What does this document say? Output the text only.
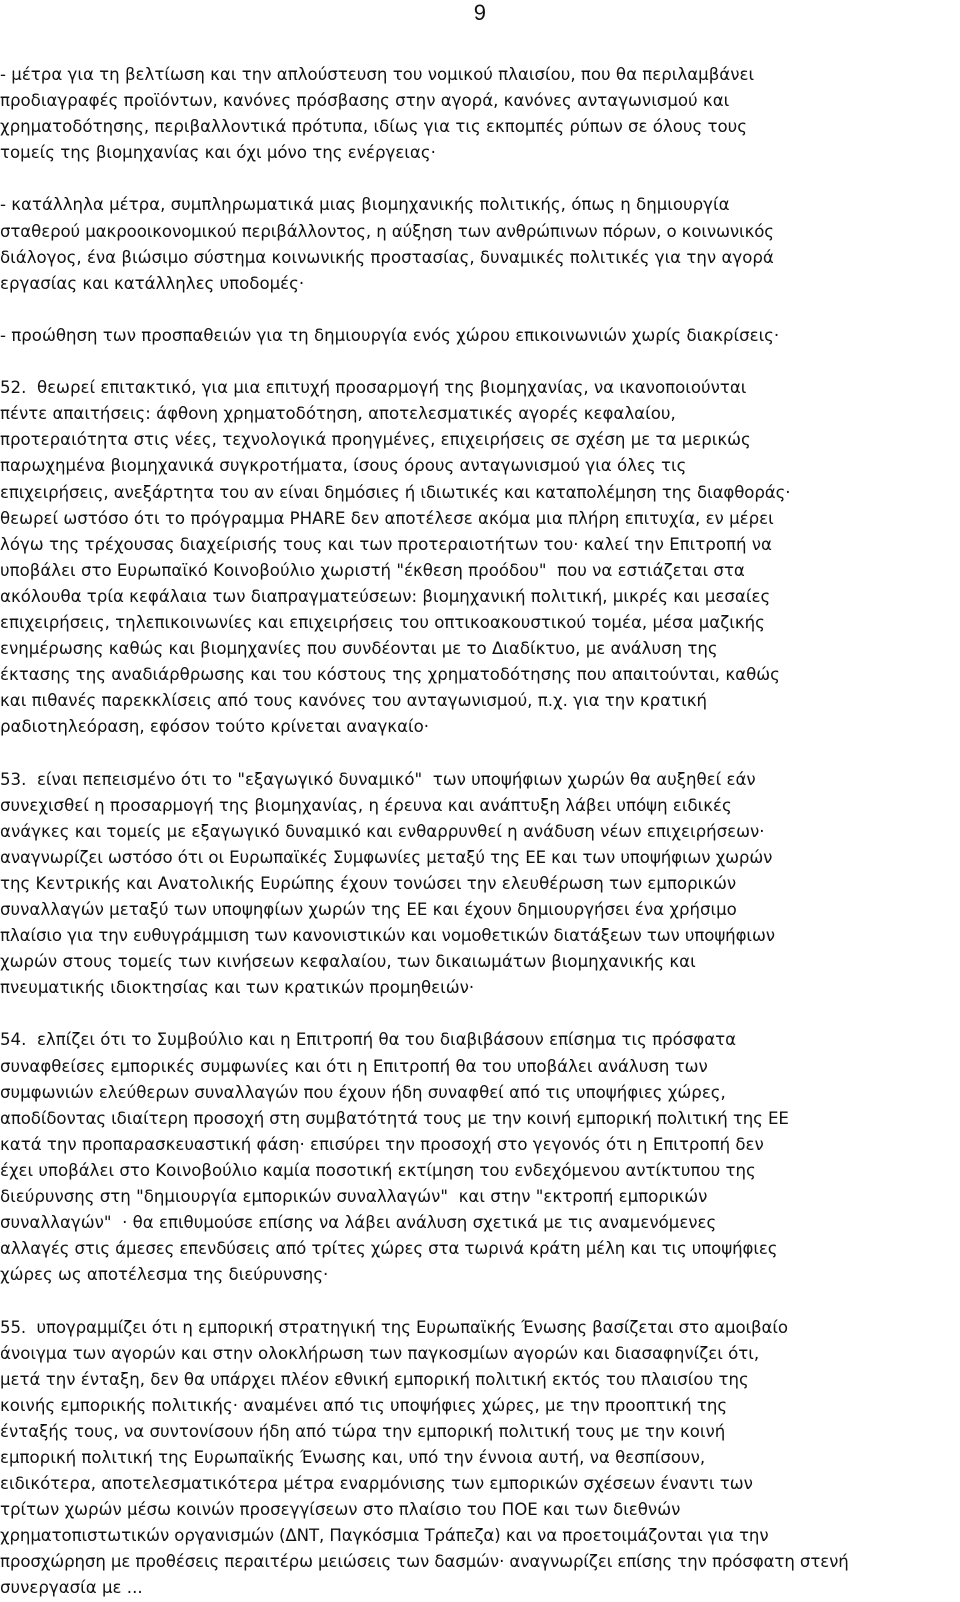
9
- μέτρα για τη βελτίωση και την απλούστευση του νομικού πλαισίου, που θα περιλαμβάνει
προδιαγραφές προϊόντων, κανόνες πρόσβασης στην αγορά, κανόνες ανταγωνισμού και
χρηματοδότησης, περιβαλλοντικά πρότυπα, ιδίως για τις εκπομπές ρύπων σε όλους τους
τομείς της βιομηχανίας και όχι μόνο της ενέργειας·
- κατάλληλα μέτρα, συμπληρωματικά μιας βιομηχανικής πολιτικής, όπως η δημιουργία
σταθερού μακροοικονομικού περιβάλλοντος, η αύξηση των ανθρώπινων πόρων, ο κοινωνικός
διάλογος, ένα βιώσιμο σύστημα κοινωνικής προστασίας, δυναμικές πολιτικές για την αγορά
εργασίας και κατάλληλες υποδομές·
- προώθηση των προσπαθειών για τη δημιουργία ενός χώρου επικοινωνιών χωρίς διακρίσεις·
52.  θεωρεί επιτακτικό, για μια επιτυχή προσαρμογή της βιομηχανίας, να ικανοποιούνται
πέντε απαιτήσεις: άφθονη χρηματοδότηση, αποτελεσματικές αγορές κεφαλαίου,
προτεραιότητα στις νέες, τεχνολογικά προηγμένες, επιχειρήσεις σε σχέση με τα μερικώς
παρωχημένα βιομηχανικά συγκροτήματα, ίσους όρους ανταγωνισμού για όλες τις
επιχειρήσεις, ανεξάρτητα του αν είναι δημόσιες ή ιδιωτικές και καταπολέμηση της διαφθοράς·
θεωρεί ωστόσο ότι το πρόγραμμα PHARE δεν αποτέλεσε ακόμα μια πλήρη επιτυχία, εν μέρει
λόγω της τρέχουσας διαχείρισής τους και των προτεραιοτήτων του· καλεί την Επιτροπή να
υποβάλει στο Ευρωπαϊκό Κοινοβούλιο χωριστή "έκθεση προόδου"  που να εστιάζεται στα
ακόλουθα τρία κεφάλαια των διαπραγματεύσεων: βιομηχανική πολιτική, μικρές και μεσαίες
επιχειρήσεις, τηλεπικοινωνίες και επιχειρήσεις του οπτικοακουστικού τομέα, μέσα μαζικής
ενημέρωσης καθώς και βιομηχανίες που συνδέονται με το Διαδίκτυο, με ανάλυση της
έκτασης της αναδιάρθρωσης και του κόστους της χρηματοδότησης που απαιτούνται, καθώς
και πιθανές παρεκκλίσεις από τους κανόνες του ανταγωνισμού, π.χ. για την κρατική
ραδιοτηλεόραση, εφόσον τούτο κρίνεται αναγκαίο·
53.  είναι πεπεισμένο ότι το "εξαγωγικό δυναμικό"  των υποψήφιων χωρών θα αυξηθεί εάν
συνεχισθεί η προσαρμογή της βιομηχανίας, η έρευνα και ανάπτυξη λάβει υπόψη ειδικές
ανάγκες και τομείς με εξαγωγικό δυναμικό και ενθαρρυνθεί η ανάδυση νέων επιχειρήσεων·
αναγνωρίζει ωστόσο ότι οι Ευρωπαϊκές Συμφωνίες μεταξύ της ΕΕ και των υποψήφιων χωρών
της Κεντρικής και Ανατολικής Ευρώπης έχουν τονώσει την ελευθέρωση των εμπορικών
συναλλαγών μεταξύ των υποψηφίων χωρών της ΕΕ και έχουν δημιουργήσει ένα χρήσιμο
πλαίσιο για την ευθυγράμμιση των κανονιστικών και νομοθετικών διατάξεων των υποψήφιων
χωρών στους τομείς των κινήσεων κεφαλαίου, των δικαιωμάτων βιομηχανικής και
πνευματικής ιδιοκτησίας και των κρατικών προμηθειών·
54.  ελπίζει ότι το Συμβούλιο και η Επιτροπή θα του διαβιβάσουν επίσημα τις πρόσφατα
συναφθείσες εμπορικές συμφωνίες και ότι η Επιτροπή θα του υποβάλει ανάλυση των
συμφωνιών ελεύθερων συναλλαγών που έχουν ήδη συναφθεί από τις υποψήφιες χώρες,
αποδίδοντας ιδιαίτερη προσοχή στη συμβατότητά τους με την κοινή εμπορική πολιτική της ΕΕ
κατά την προπαρασκευαστική φάση· επισύρει την προσοχή στο γεγονός ότι η Επιτροπή δεν
έχει υποβάλει στο Κοινοβούλιο καμία ποσοτική εκτίμηση του ενδεχόμενου αντίκτυπου της
διεύρυνσης στη "δημιουργία εμπορικών συναλλαγών"  και στην "εκτροπή εμπορικών
συναλλαγών"  · θα επιθυμούσε επίσης να λάβει ανάλυση σχετικά με τις αναμενόμενες
αλλαγές στις άμεσες επενδύσεις από τρίτες χώρες στα τωρινά κράτη μέλη και τις υποψήφιες
χώρες ως αποτέλεσμα της διεύρυνσης·
55.  υπογραμμίζει ότι η εμπορική στρατηγική της Ευρωπαϊκής Ένωσης βασίζεται στο αμοιβαίο
άνοιγμα των αγορών και στην ολοκλήρωση των παγκοσμίων αγορών και διασαφηνίζει ότι,
μετά την ένταξη, δεν θα υπάρχει πλέον εθνική εμπορική πολιτική εκτός του πλαισίου της
κοινής εμπορικής πολιτικής· αναμένει από τις υποψήφιες χώρες, με την προοπτική της
ένταξής τους, να συντονίσουν ήδη από τώρα την εμπορική πολιτική τους με την κοινή
εμπορική πολιτική της Ευρωπαϊκής Ένωσης και, υπό την έννοια αυτή, να θεσπίσουν,
ειδικότερα, αποτελεσματικότερα μέτρα εναρμόνισης των εμπορικών σχέσεων έναντι των
τρίτων χωρών μέσω κοινών προσεγγίσεων στο πλαίσιο του ΠΟΕ και των διεθνών
χρηματοπιστωτικών οργανισμών (ΔΝΤ, Παγκόσμια Τράπεζα) και να προετοιμάζονται για την
προσχώρηση με προθέσεις περαιτέρω μειώσεις των δασμών· αναγνωρίζει επίσης την πρόσφατη στενή
συνεργασία με ...
